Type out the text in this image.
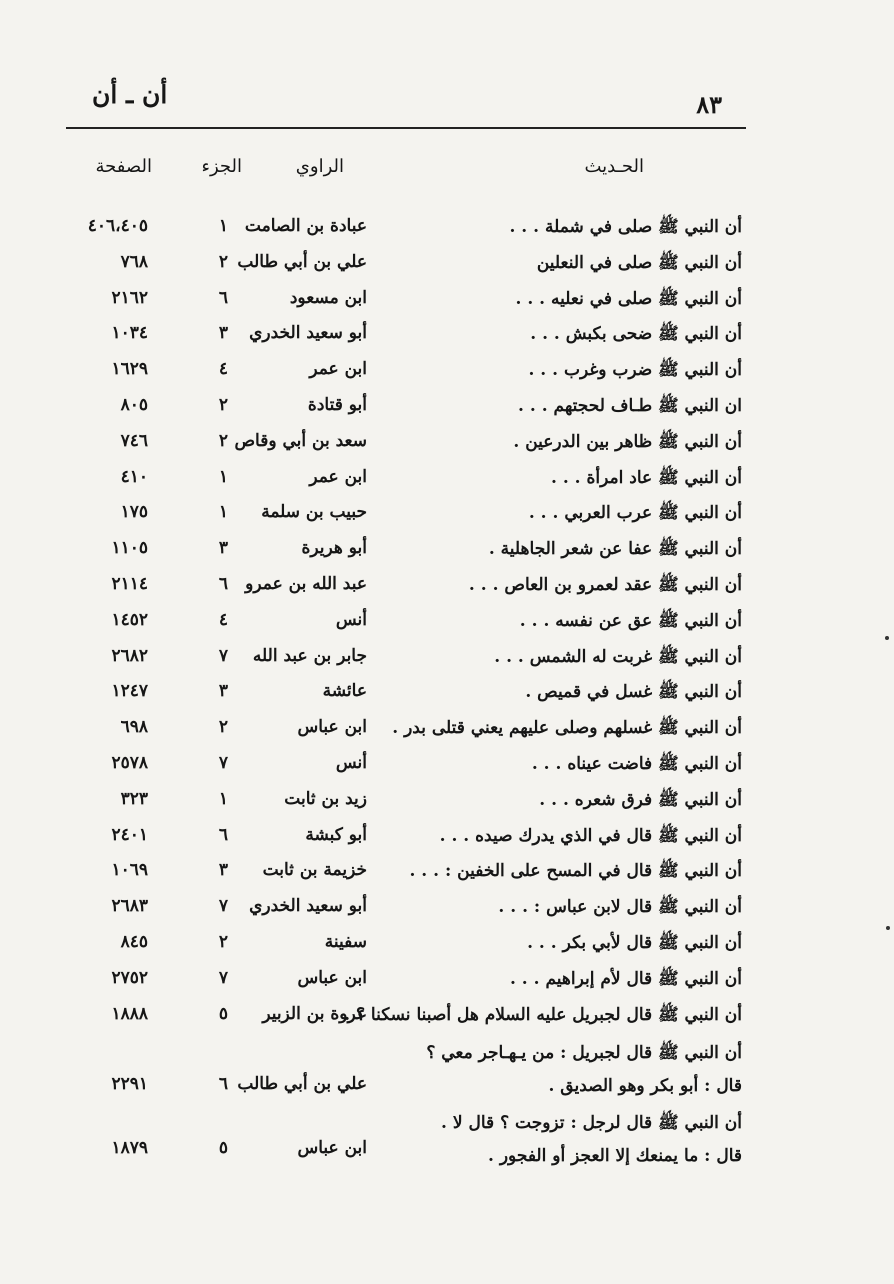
أن ـ أن	٨٣
الحـديث
الراوي
الجزء
الصفحة
أن النبي ﷺ صلى في شملة . . .
عبادة بن الصامت
١
٤٠٦،٤٠٥
أن النبي ﷺ صلى في النعلين
علي بن أبي طالب
٢
٧٦٨
أن النبي ﷺ صلى في نعليه . . .
ابن مسعود
٦
٢١٦٢
أن النبي ﷺ ضحى بكبش . . .
أبو سعيد الخدري
٣
١٠٣٤
أن النبي ﷺ ضرب وغرب . . .
ابن عمر
٤
١٦٢٩
ان النبي ﷺ طـاف لحجتهم . . .
أبو قتادة
٢
٨٠٥
أن النبي ﷺ ظاهر بين الدرعين .
سعد بن أبي وقاص
٢
٧٤٦
أن النبي ﷺ عاد امرأة . . .
ابن عمر
١
٤١٠
أن النبي ﷺ عرب العربي . . .
حبيب بن سلمة
١
١٧٥
أن النبي ﷺ عفا عن شعر الجاهلية .
أبو هريرة
٣
١١٠٥
أن النبي ﷺ عقد لعمرو بن العاص . . .
عبد الله بن عمرو
٦
٢١١٤
أن النبي ﷺ عق عن نفسه . . .
أنس
٤
١٤٥٢
أن النبي ﷺ غربت له الشمس . . .
جابر بن عبد الله
٧
٢٦٨٢
أن النبي ﷺ غسل في قميص .
عائشة
٣
١٢٤٧
أن النبي ﷺ غسلهم وصلى عليهم يعني قتلى بدر .
ابن عباس
٢
٦٩٨
أن النبي ﷺ فاضت عيناه . . .
أنس
٧
٢٥٧٨
أن النبي ﷺ فرق شعره . . .
زيد بن ثابت
١
٣٢٣
أن النبي ﷺ قال في الذي يدرك صيده . . .
أبو كبشة
٦
٢٤٠١
أن النبي ﷺ قال في المسح على الخفين : . . .
خزيمة بن ثابت
٣
١٠٦٩
أن النبي ﷺ قال لابن عباس : . . .
أبو سعيد الخدري
٧
٢٦٨٣
أن النبي ﷺ قال لأبي بكر . . .
سفينة
٢
٨٤٥
أن النبي ﷺ قال لأم إبراهيم . . .
ابن عباس
٧
٢٧٥٢
أن النبي ﷺ قال لجبريل عليه السلام هل أصبنا نسكنا ؟ .
عروة بن الزبير
٥
١٨٨٨
أن النبي ﷺ قال لجبريل : من يـهـاجر معي ؟
قال : أبو بكر وهو الصديق .
علي بن أبي طالب
٦
٢٢٩١
أن النبي ﷺ قال لرجل : تزوجت ؟ قال لا .
قال : ما يمنعك إلا العجز أو الفجور .
ابن عباس
٥
١٨٧٩
